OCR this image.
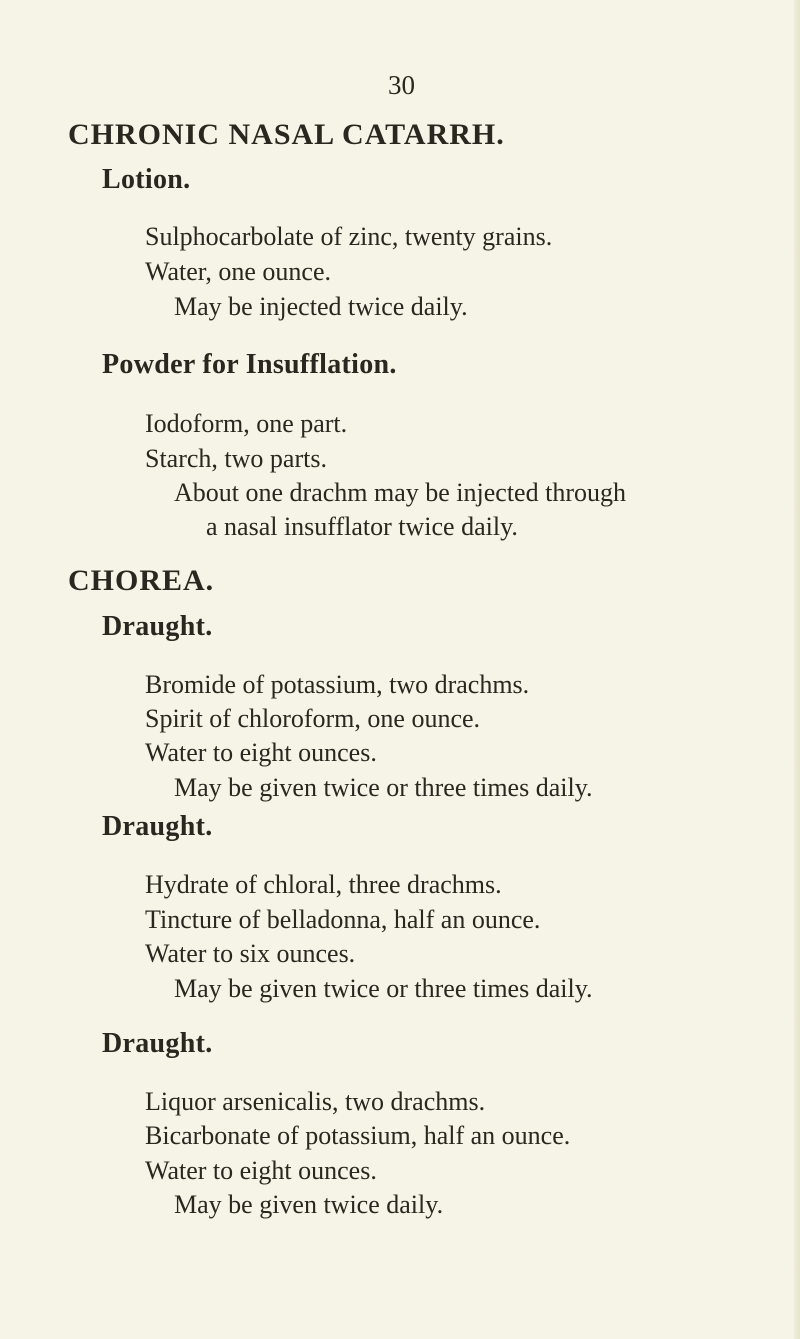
30
CHRONIC NASAL CATARRH.
Lotion.
Sulphocarbolate of zinc, twenty grains.
Water, one ounce.
May be injected twice daily.
Powder for Insufflation.
Iodoform, one part.
Starch, two parts.
About one drachm may be injected through
a nasal insufflator twice daily.
CHOREA.
Draught.
Bromide of potassium, two drachms.
Spirit of chloroform, one ounce.
Water to eight ounces.
May be given twice or three times daily.
Draught.
Hydrate of chloral, three drachms.
Tincture of belladonna, half an ounce.
Water to six ounces.
May be given twice or three times daily.
Draught.
Liquor arsenicalis, two drachms.
Bicarbonate of potassium, half an ounce.
Water to eight ounces.
May be given twice daily.
